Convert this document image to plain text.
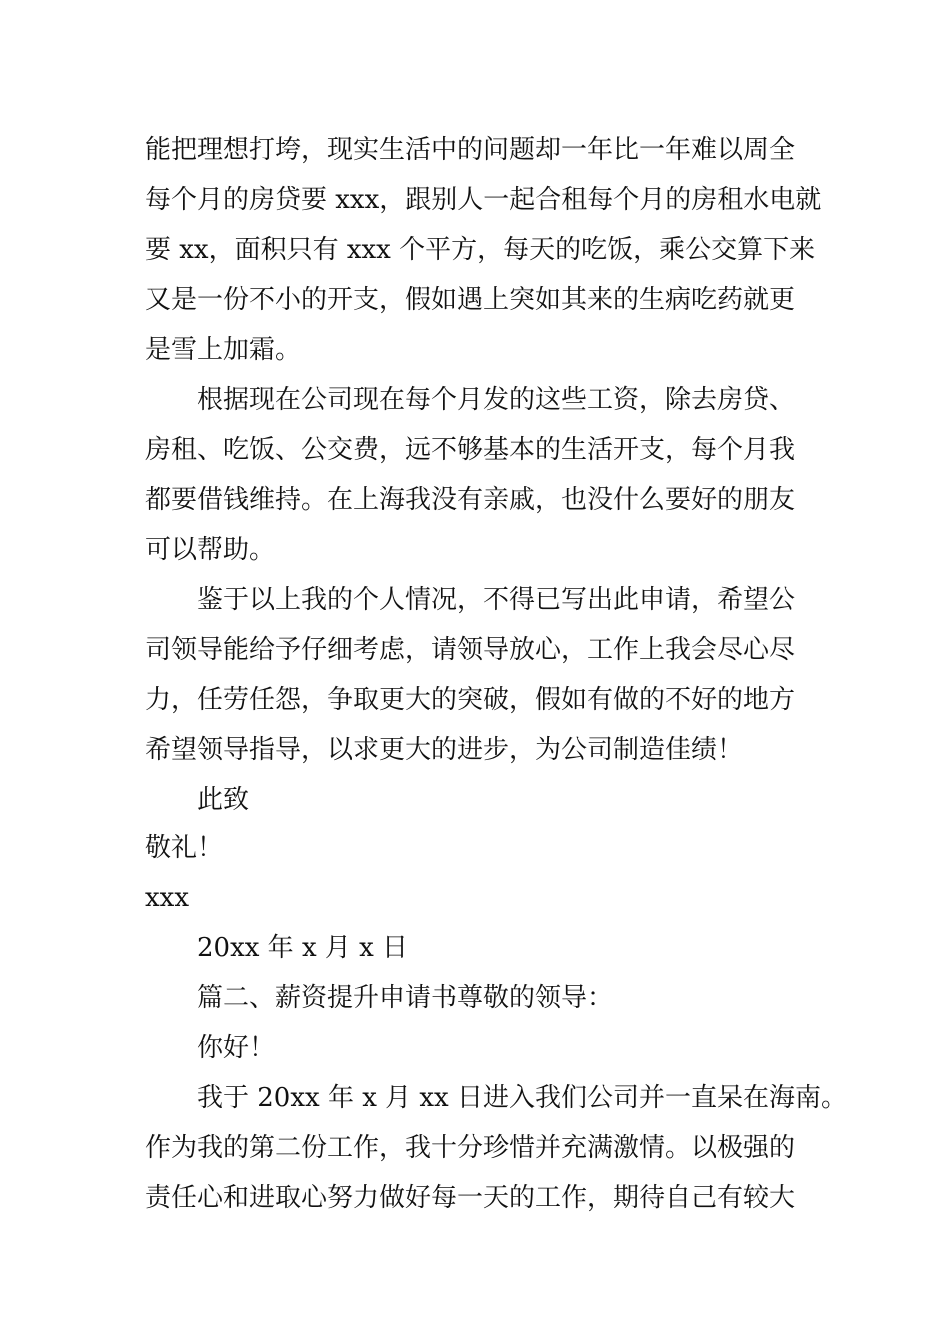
能把理想打垮，现实生活中的问题却一年比一年难以周全
每个月的房贷要 xxx，跟别人一起合租每个月的房租水电就
要 xx，面积只有 xxx 个平方，每天的吃饭，乘公交算下来
又是一份不小的开支，假如遇上突如其来的生病吃药就更
是雪上加霜。
根据现在公司现在每个月发的这些工资，除去房贷、
房租、吃饭、公交费，远不够基本的生活开支，每个月我
都要借钱维持。在上海我没有亲戚，也没什么要好的朋友
可以帮助。
鉴于以上我的个人情况，不得已写出此申请，希望公
司领导能给予仔细考虑，请领导放心，工作上我会尽心尽
力，任劳任怨，争取更大的突破，假如有做的不好的地方
希望领导指导，以求更大的进步，为公司制造佳绩！
此致
敬礼！
xxx
20xx 年 x 月 x 日
篇二、薪资提升申请书尊敬的领导：
你好！
我于 20xx 年 x 月 xx 日进入我们公司并一直呆在海南。
作为我的第二份工作，我十分珍惜并充满激情。以极强的
责任心和进取心努力做好每一天的工作，期待自己有较大
